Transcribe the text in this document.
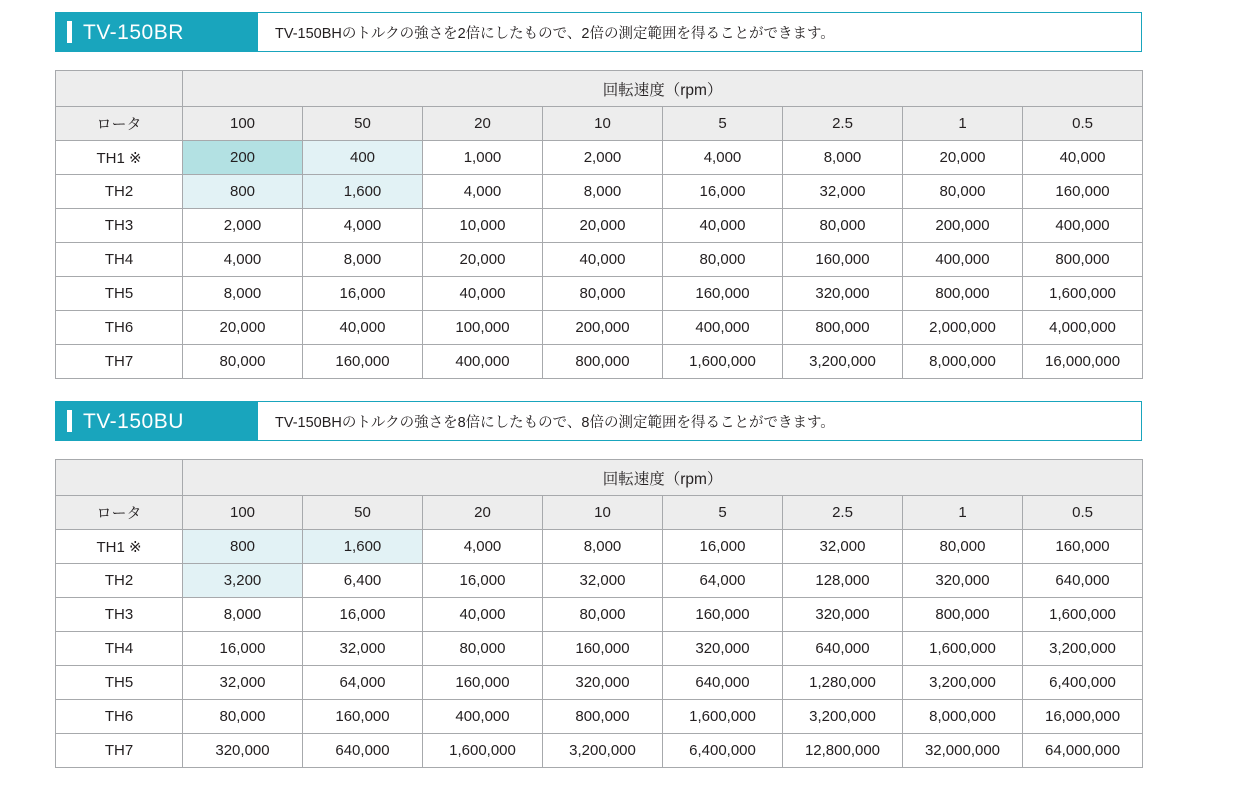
TV-150BR	TV-150BHのトルクの強さを2倍にしたもので、2倍の測定範囲を得ることができます。
	回転速度（rpm）							
ロータ	100	50	20	10	5	2.5	1	0.5
TH1 ※	200	400	1,000	2,000	4,000	8,000	20,000	40,000
TH2	800	1,600	4,000	8,000	16,000	32,000	80,000	160,000
TH3	2,000	4,000	10,000	20,000	40,000	80,000	200,000	400,000
TH4	4,000	8,000	20,000	40,000	80,000	160,000	400,000	800,000
TH5	8,000	16,000	40,000	80,000	160,000	320,000	800,000	1,600,000
TH6	20,000	40,000	100,000	200,000	400,000	800,000	2,000,000	4,000,000
TH7	80,000	160,000	400,000	800,000	1,600,000	3,200,000	8,000,000	16,000,000
TV-150BU	TV-150BHのトルクの強さを8倍にしたもので、8倍の測定範囲を得ることができます。
	回転速度（rpm）							
ロータ	100	50	20	10	5	2.5	1	0.5
TH1 ※	800	1,600	4,000	8,000	16,000	32,000	80,000	160,000
TH2	3,200	6,400	16,000	32,000	64,000	128,000	320,000	640,000
TH3	8,000	16,000	40,000	80,000	160,000	320,000	800,000	1,600,000
TH4	16,000	32,000	80,000	160,000	320,000	640,000	1,600,000	3,200,000
TH5	32,000	64,000	160,000	320,000	640,000	1,280,000	3,200,000	6,400,000
TH6	80,000	160,000	400,000	800,000	1,600,000	3,200,000	8,000,000	16,000,000
TH7	320,000	640,000	1,600,000	3,200,000	6,400,000	12,800,000	32,000,000	64,000,000
